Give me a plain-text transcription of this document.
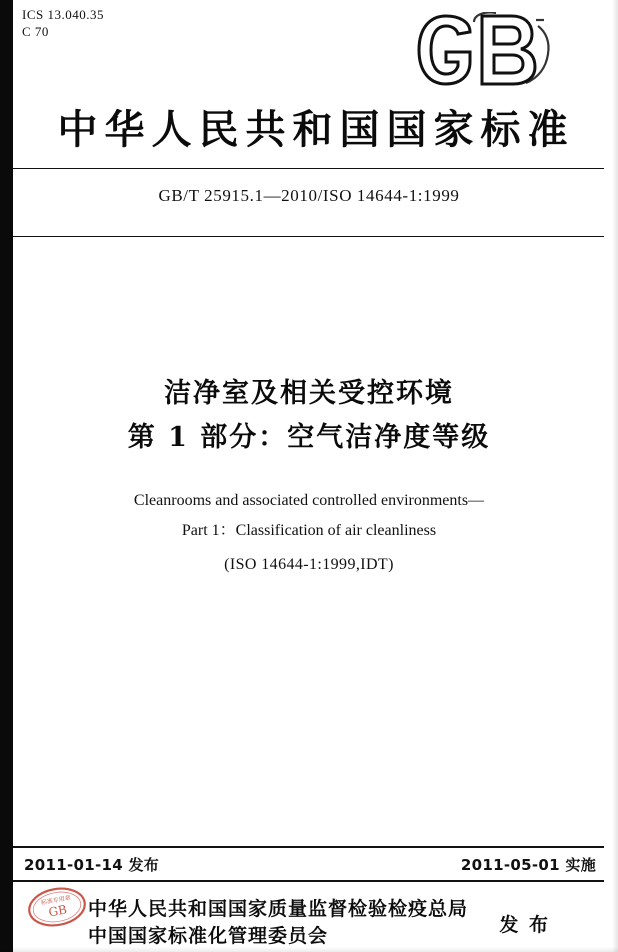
ICS 13.040.35
C 70
中华人民共和国国家标准
GB/T 25915.1—2010/ISO 14644-1:1999
洁净室及相关受控环境
第 1 部分：空气洁净度等级
Cleanrooms and associated controlled environments—
Part 1：Classification of air cleanliness
(ISO 14644-1:1999,IDT)
2011-01-14 发布	2011-05-01 实施
标准专用章
GB 中华人民共和国国家质量监督检验检疫总局
中国国家标准化管理委员会	发 布
